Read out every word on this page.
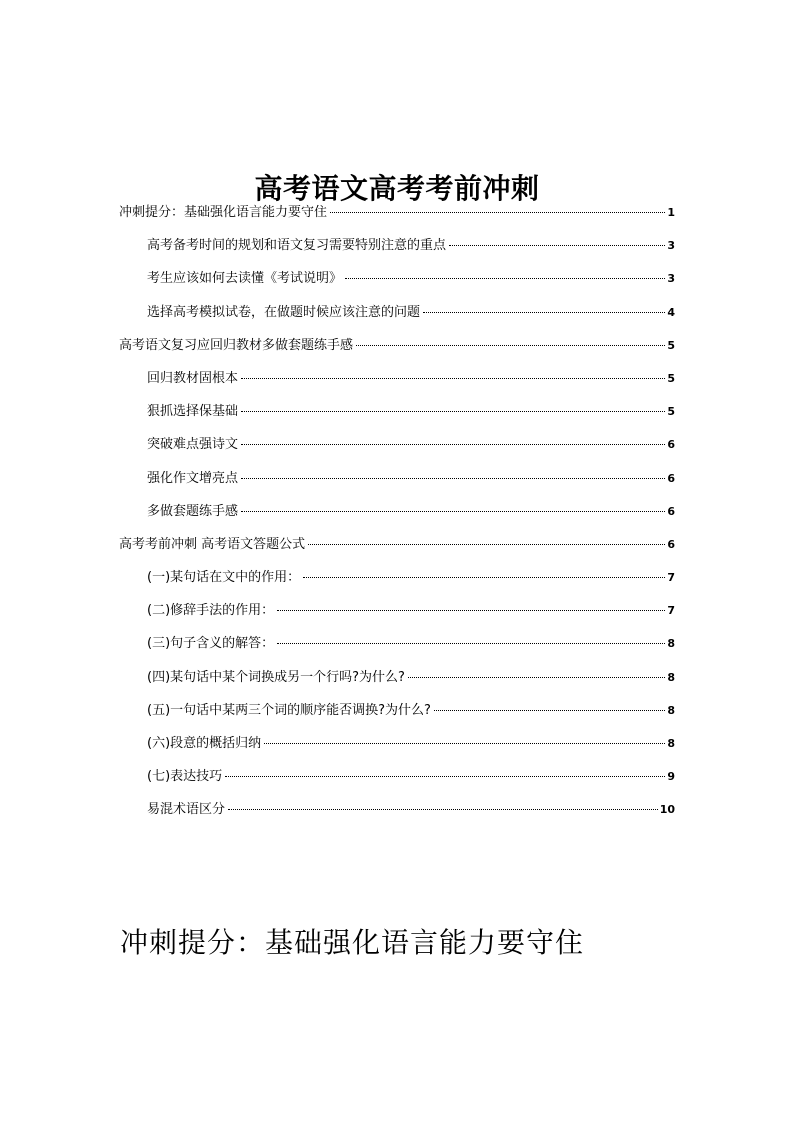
高考语文高考考前冲刺
冲刺提分：基础强化语言能力要守住	1
高考备考时间的规划和语文复习需要特别注意的重点	3
考生应该如何去读懂《考试说明》	3
选择高考模拟试卷，在做题时候应该注意的问题	4
高考语文复习应回归教材多做套题练手感	5
回归教材固根本	5
狠抓选择保基础	5
突破难点强诗文	6
强化作文增亮点	6
多做套题练手感	6
高考考前冲刺 高考语文答题公式	6
(一)某句话在文中的作用：	7
(二)修辞手法的作用：	7
(三)句子含义的解答：	8
(四)某句话中某个词换成另一个行吗?为什么?	8
(五)一句话中某两三个词的顺序能否调换?为什么?	8
(六)段意的概括归纳	8
(七)表达技巧	9
易混术语区分	10
冲刺提分：基础强化语言能力要守住
